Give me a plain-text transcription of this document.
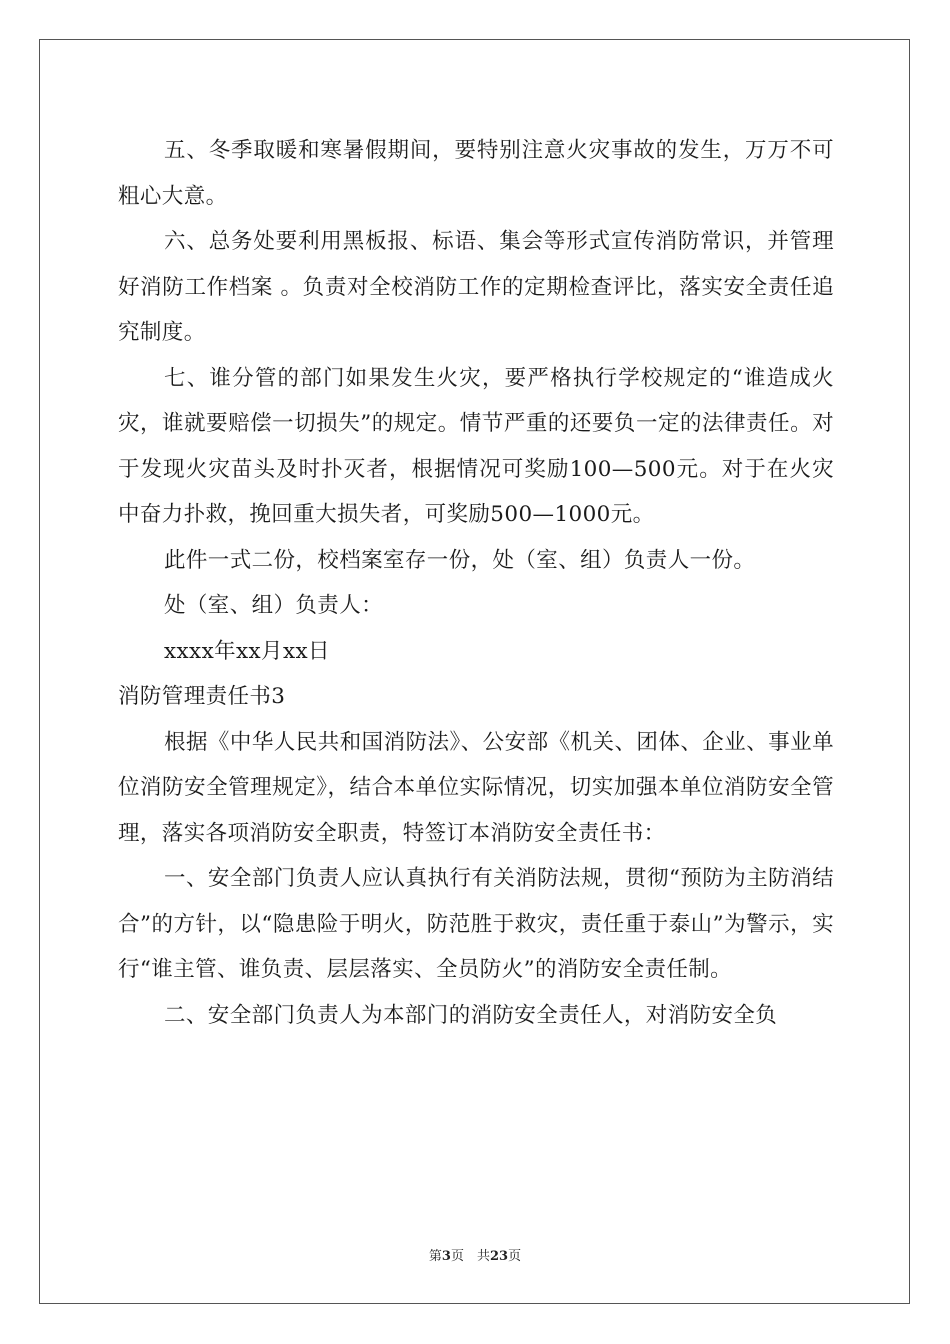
五、冬季取暖和寒暑假期间，要特别注意火灾事故的发生，万万不可粗心大意。

六、总务处要利用黑板报、标语、集会等形式宣传消防常识，并管理好消防工作档案 。负责对全校消防工作的定期检查评比，落实安全责任追究制度。

七、谁分管的部门如果发生火灾，要严格执行学校规定的“谁造成火灾，谁就要赔偿一切损失”的规定。情节严重的还要负一定的法律责任。对于发现火灾苗头及时扑灭者，根据情况可奖励100—500元。对于在火灾中奋力扑救，挽回重大损失者，可奖励500—1000元。

此件一式二份，校档案室存一份，处（室、组）负责人一份。

处（室、组）负责人：

xxxx年xx月xx日

消防管理责任书3

根据《中华人民共和国消防法》、公安部《机关、团体、企业、事业单位消防安全管理规定》，结合本单位实际情况，切实加强本单位消防安全管理，落实各项消防安全职责，特签订本消防安全责任书：

一、安全部门负责人应认真执行有关消防法规，贯彻“预防为主防消结合”的方针，以“隐患险于明火，防范胜于救灾，责任重于泰山”为警示，实行“谁主管、谁负责、层层落实、全员防火”的消防安全责任制。

二、安全部门负责人为本部门的消防安全责任人，对消防安全负

第3页　共23页
